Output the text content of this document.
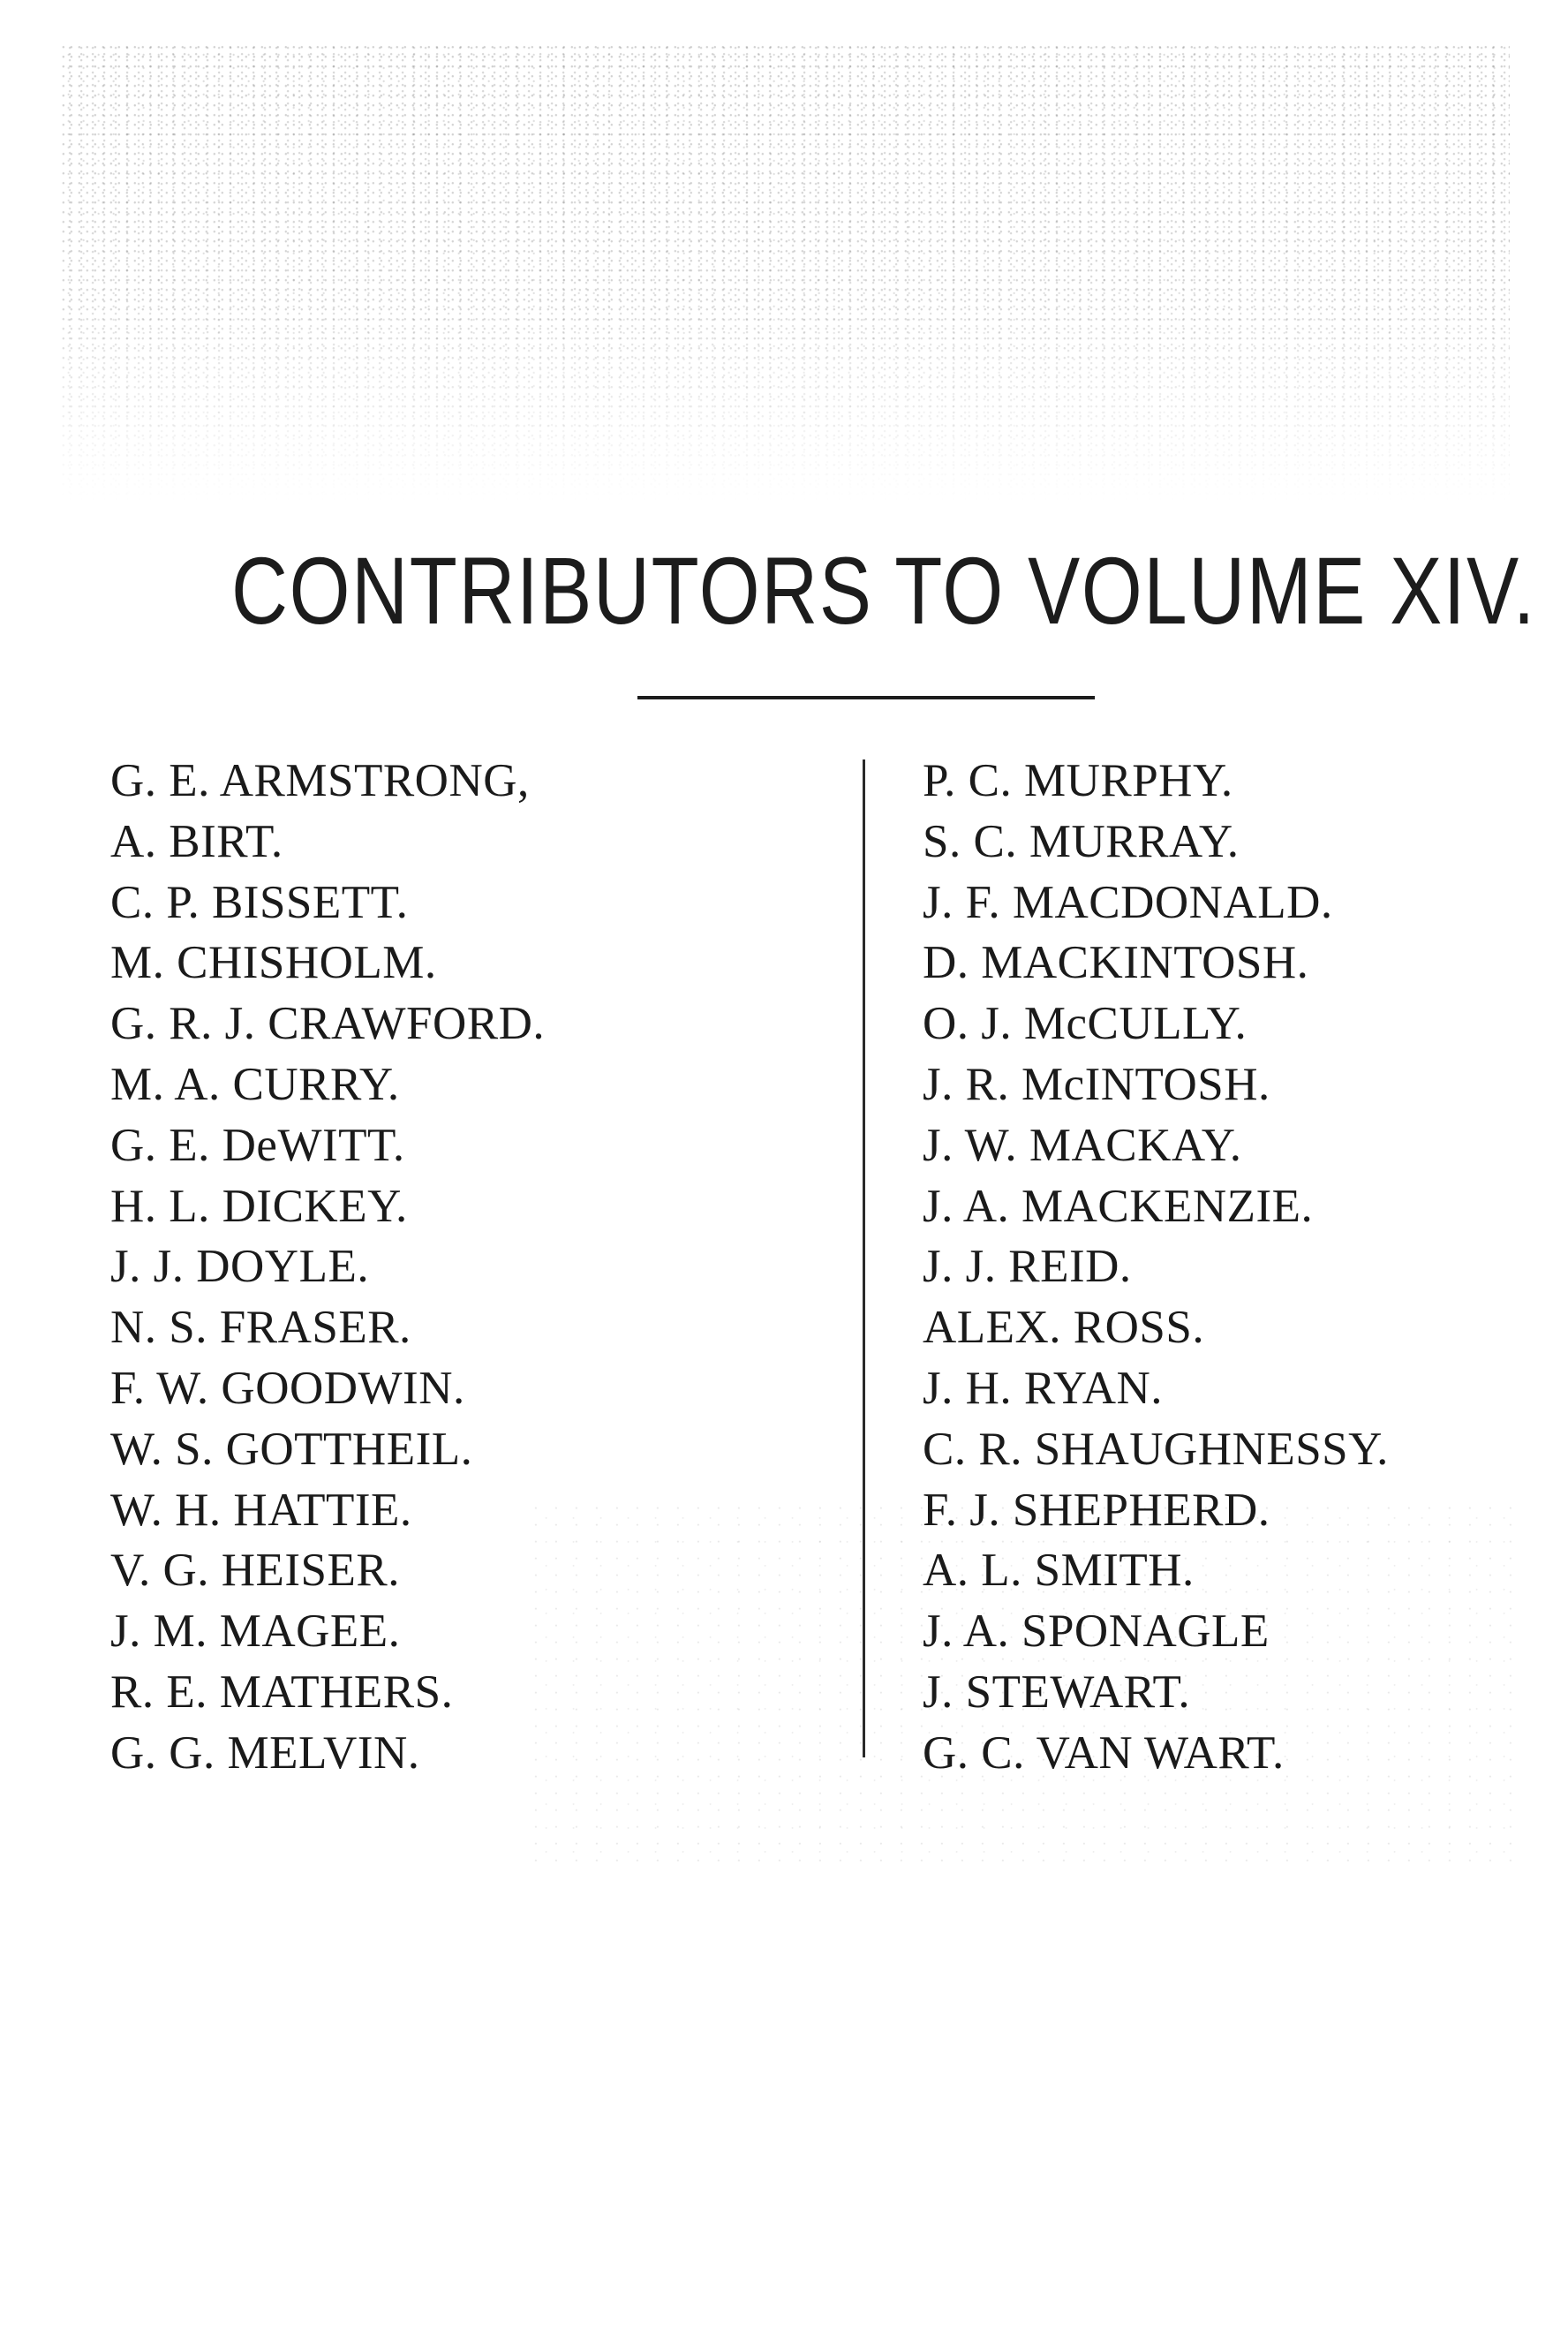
CONTRIBUTORS TO VOLUME XIV.
G. E. ARMSTRONG,
A. BIRT.
C. P. BISSETT.
M. CHISHOLM.
G. R. J. CRAWFORD.
M. A. CURRY.
G. E. DeWITT.
H. L. DICKEY.
J. J. DOYLE.
N. S. FRASER.
F. W. GOODWIN.
W. S. GOTTHEIL.
W. H. HATTIE.
V. G. HEISER.
J. M. MAGEE.
R. E. MATHERS.
G. G. MELVIN.
P. C. MURPHY.
S. C. MURRAY.
J. F. MACDONALD.
D. MACKINTOSH.
O. J. McCULLY.
J. R. McINTOSH.
J. W. MACKAY.
J. A. MACKENZIE.
J. J. REID.
ALEX. ROSS.
J. H. RYAN.
C. R. SHAUGHNESSY.
F. J. SHEPHERD.
A. L. SMITH.
J. A. SPONAGLE
J. STEWART.
G. C. VAN WART.
